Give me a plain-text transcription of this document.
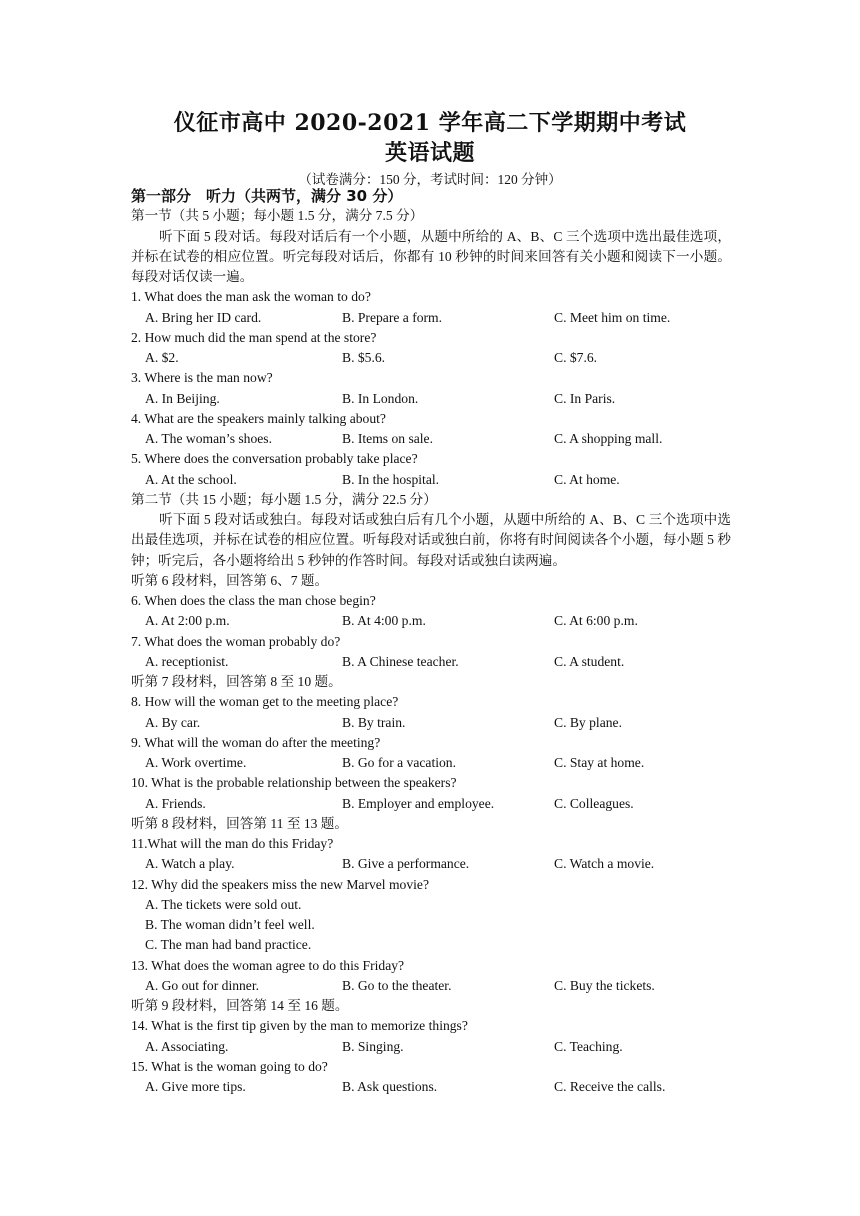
仪征市高中 2020-2021 学年高二下学期期中考试
英语试题
（试卷满分：150 分，考试时间：120 分钟）
第一部分　听力（共两节，满分 30 分）
第一节（共 5 小题；每小题 1.5 分，满分 7.5 分）
听下面 5 段对话。每段对话后有一个小题，从题中所给的 A、B、C 三个选项中选出最佳选项，并标在试卷的相应位置。听完每段对话后，你都有 10 秒钟的时间来回答有关小题和阅读下一小题。每段对话仅读一遍。
1. What does the man ask the woman to do?
A. Bring her ID card.	B. Prepare a form.	C. Meet him on time.
2. How much did the man spend at the store?
A. $2.	B. $5.6.	C. $7.6.
3. Where is the man now?
A. In Beijing.	B. In London.	C. In Paris.
4. What are the speakers mainly talking about?
A. The woman’s shoes.	B. Items on sale.	C. A shopping mall.
5. Where does the conversation probably take place?
A. At the school.	B. In the hospital.	C. At home.
第二节（共 15 小题；每小题 1.5 分，满分 22.5 分）
听下面 5 段对话或独白。每段对话或独白后有几个小题，从题中所给的 A、B、C 三个选项中选出最佳选项，并标在试卷的相应位置。听每段对话或独白前，你将有时间阅读各个小题，每小题 5 秒钟；听完后，各小题将给出 5 秒钟的作答时间。每段对话或独白读两遍。
听第 6 段材料，回答第 6、7 题。
6. When does the class the man chose begin?
A. At 2:00 p.m.	B. At 4:00 p.m.	C. At 6:00 p.m.
7. What does the woman probably do?
A. receptionist.	B. A Chinese teacher.	C. A student.
听第 7 段材料，回答第 8 至 10 题。
8. How will the woman get to the meeting place?
A. By car.	B. By train.	C. By plane.
9. What will the woman do after the meeting?
A. Work overtime.	B. Go for a vacation.	C. Stay at home.
10. What is the probable relationship between the speakers?
A. Friends.	B. Employer and employee.	C. Colleagues.
听第 8 段材料，回答第 11 至 13 题。
11.What will the man do this Friday?
A. Watch a play.	B. Give a performance.	C. Watch a movie.
12. Why did the speakers miss the new Marvel movie?
A. The tickets were sold out.
B. The woman didn’t feel well.
C. The man had band practice.
13. What does the woman agree to do this Friday?
A. Go out for dinner.	B. Go to the theater.	C. Buy the tickets.
听第 9 段材料，回答第 14 至 16 题。
14. What is the first tip given by the man to memorize things?
A. Associating.	B. Singing.	C. Teaching.
15. What is the woman going to do?
A. Give more tips.	B. Ask questions.	C. Receive the calls.
